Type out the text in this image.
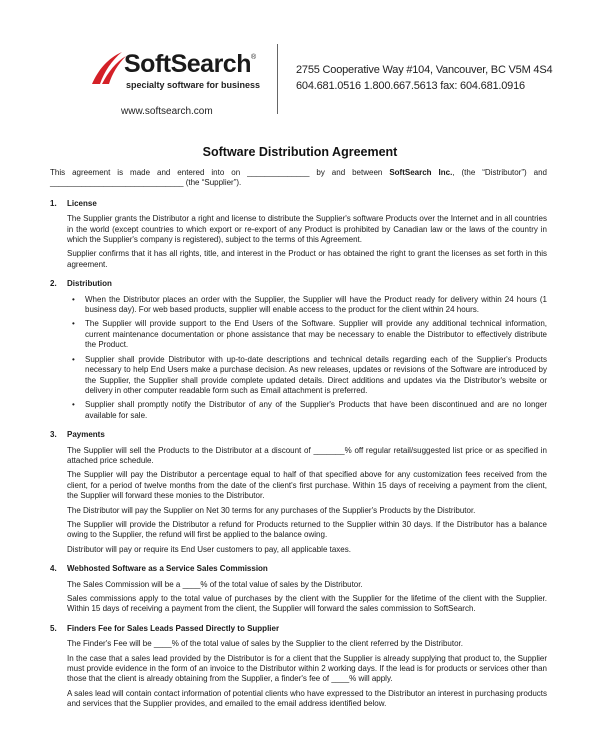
SoftSearch®
specialty software for business
2755 Cooperative Way #104, Vancouver, BC V5M 4S4
604.681.0516 1.800.667.5613 fax: 604.681.0916
www.softsearch.com
Software Distribution Agreement

This agreement is made and entered into on ______________ by and between SoftSearch Inc., (the “Distributor”) and ______________________________ (the “Supplier”).

1.	License

The Supplier grants the Distributor a right and license to distribute the Supplier's software Products over the Internet and in all countries in the world (except countries to which export or re-export of any Product is prohibited by Canadian law or the laws of the country in which the Supplier's company is registered), subject to the terms of this Agreement.

Supplier confirms that it has all rights, title, and interest in the Product or has obtained the right to grant the licenses as set forth in this agreement.

2.	Distribution
• When the Distributor places an order with the Supplier, the Supplier will have the Product ready for delivery within 24 hours (1 business day). For web based products, supplier will enable access to the product for the client within 24 hours.
• The Supplier will provide support to the End Users of the Software. Supplier will provide any additional technical information, current maintenance documentation or phone assistance that may be necessary to enable the Distributor to effectively distribute the Product.
• Supplier shall provide Distributor with up-to-date descriptions and technical details regarding each of the Supplier's Products necessary to help End Users make a purchase decision. As new releases, updates or revisions of the Software are introduced by the Supplier, the Supplier shall provide complete updated details. Direct additions and updates via the Distributor's website or delivery in other computer readable form such as Email attachment is preferred.
• Supplier shall promptly notify the Distributor of any of the Supplier's Products that have been discontinued and are no longer available for sale.
3.	Payments

The Supplier will sell the Products to the Distributor at a discount of _______% off regular retail/suggested list price or as specified in attached price schedule.

The Supplier will pay the Distributor a percentage equal to half of that specified above for any customization fees received from the client, for a period of twelve months from the date of the client's first purchase. Within 15 days of receiving a payment from the client, the Supplier will forward these monies to the Distributor.

The Distributor will pay the Supplier on Net 30 terms for any purchases of the Supplier's Products by the Distributor.

The Supplier will provide the Distributor a refund for Products returned to the Supplier within 30 days. If the Distributor has a balance owing to the Supplier, the refund will first be applied to the balance owing.

Distributor will pay or require its End User customers to pay, all applicable taxes.

4.	Webhosted Software as a Service Sales Commission

The Sales Commission will be a ____% of the total value of sales by the Distributor.

Sales commissions apply to the total value of purchases by the client with the Supplier for the lifetime of the client with the Supplier. Within 15 days of receiving a payment from the client, the Supplier will forward the sales commission to SoftSearch.

5.	Finders Fee for Sales Leads Passed Directly to Supplier

The Finder's Fee will be ____% of the total value of sales by the Supplier to the client referred by the Distributor.

In the case that a sales lead provided by the Distributor is for a client that the Supplier is already supplying that product to, the Supplier must provide evidence in the form of an invoice to the Distributor within 2 working days. If the lead is for products or services other than those that the client is already obtaining from the Supplier, a finder's fee of ____% will apply.

A sales lead will contain contact information of potential clients who have expressed to the Distributor an interest in purchasing products and services that the Supplier provides, and emailed to the email address identified below.
